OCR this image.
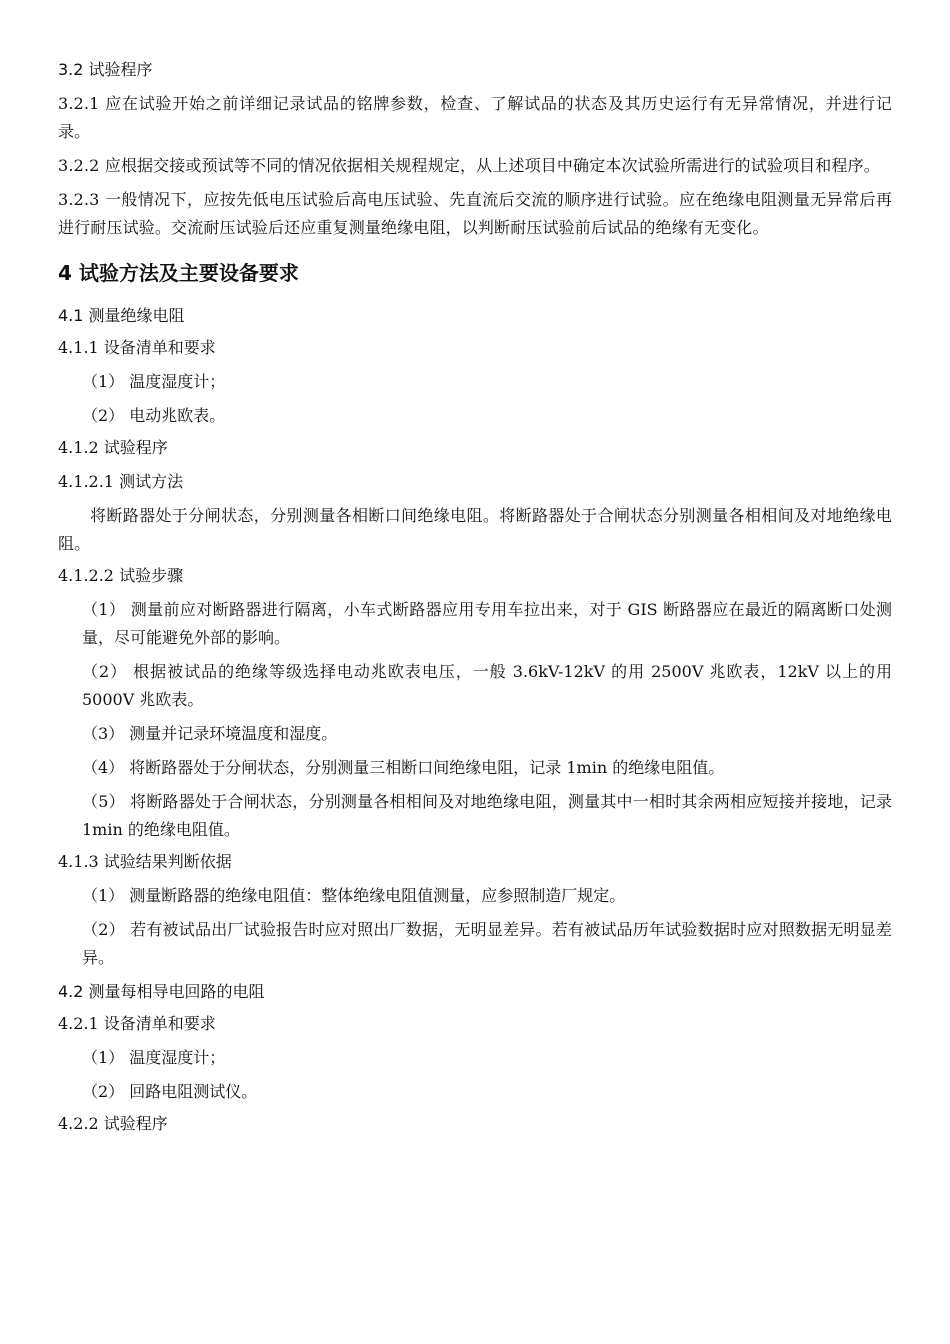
3.2 试验程序
3.2.1 应在试验开始之前详细记录试品的铭牌参数，检查、了解试品的状态及其历史运行有无异常情况，并进行记录。
3.2.2 应根据交接或预试等不同的情况依据相关规程规定，从上述项目中确定本次试验所需进行的试验项目和程序。
3.2.3 一般情况下，应按先低电压试验后高电压试验、先直流后交流的顺序进行试验。应在绝缘电阻测量无异常后再进行耐压试验。交流耐压试验后还应重复测量绝缘电阻，以判断耐压试验前后试品的绝缘有无变化。
4 试验方法及主要设备要求
4.1 测量绝缘电阻
4.1.1 设备清单和要求
（1） 温度湿度计；
（2） 电动兆欧表。
4.1.2 试验程序
4.1.2.1 测试方法
将断路器处于分闸状态，分别测量各相断口间绝缘电阻。将断路器处于合闸状态分别测量各相相间及对地绝缘电阻。
4.1.2.2 试验步骤
（1） 测量前应对断路器进行隔离，小车式断路器应用专用车拉出来，对于 GIS 断路器应在最近的隔离断口处测量，尽可能避免外部的影响。
（2） 根据被试品的绝缘等级选择电动兆欧表电压，一般 3.6kV-12kV 的用 2500V 兆欧表，12kV 以上的用 5000V 兆欧表。
（3） 测量并记录环境温度和湿度。
（4） 将断路器处于分闸状态，分别测量三相断口间绝缘电阻，记录 1min 的绝缘电阻值。
（5） 将断路器处于合闸状态，分别测量各相相间及对地绝缘电阻，测量其中一相时其余两相应短接并接地，记录 1min 的绝缘电阻值。
4.1.3 试验结果判断依据
（1） 测量断路器的绝缘电阻值：整体绝缘电阻值测量，应参照制造厂规定。
（2） 若有被试品出厂试验报告时应对照出厂数据，无明显差异。若有被试品历年试验数据时应对照数据无明显差异。
4.2 测量每相导电回路的电阻
4.2.1 设备清单和要求
（1） 温度湿度计；
（2） 回路电阻测试仪。
4.2.2 试验程序
